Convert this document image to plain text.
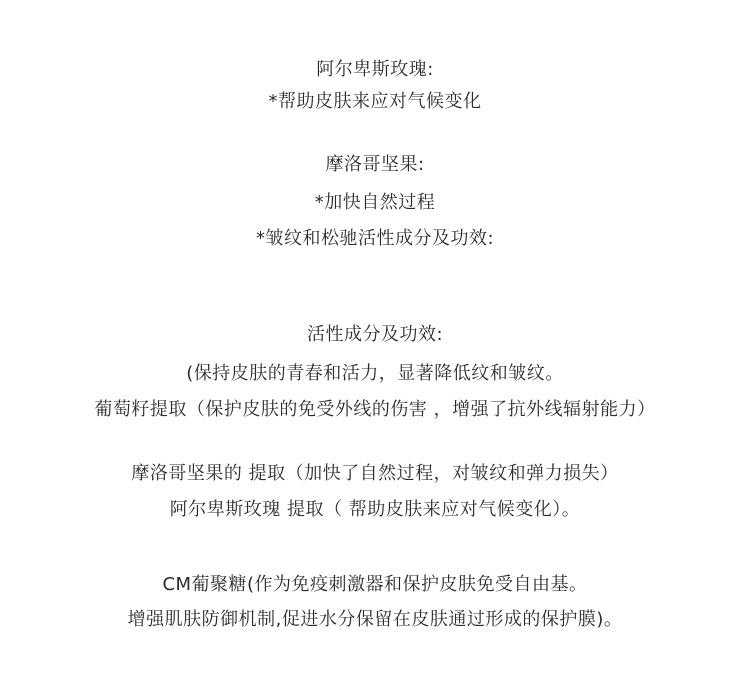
阿尔卑斯玫瑰:
*帮助皮肤来应对气候变化
摩洛哥坚果:
*加快自然过程
*皱纹和松驰活性成分及功效:
活性成分及功效:
(保持皮肤的青春和活力，显著降低纹和皱纹。
葡萄籽提取（保护皮肤的免受外线的伤害 ，增强了抗外线辐射能力）
摩洛哥坚果的 提取（加快了自然过程，对皱纹和弹力损失）
阿尔卑斯玫瑰 提取（ 帮助皮肤来应对气候变化）。
CM葡聚糖(作为免疫刺激器和保护皮肤免受自由基。
增强肌肤防御机制,促进水分保留在皮肤通过形成的保护膜)。
